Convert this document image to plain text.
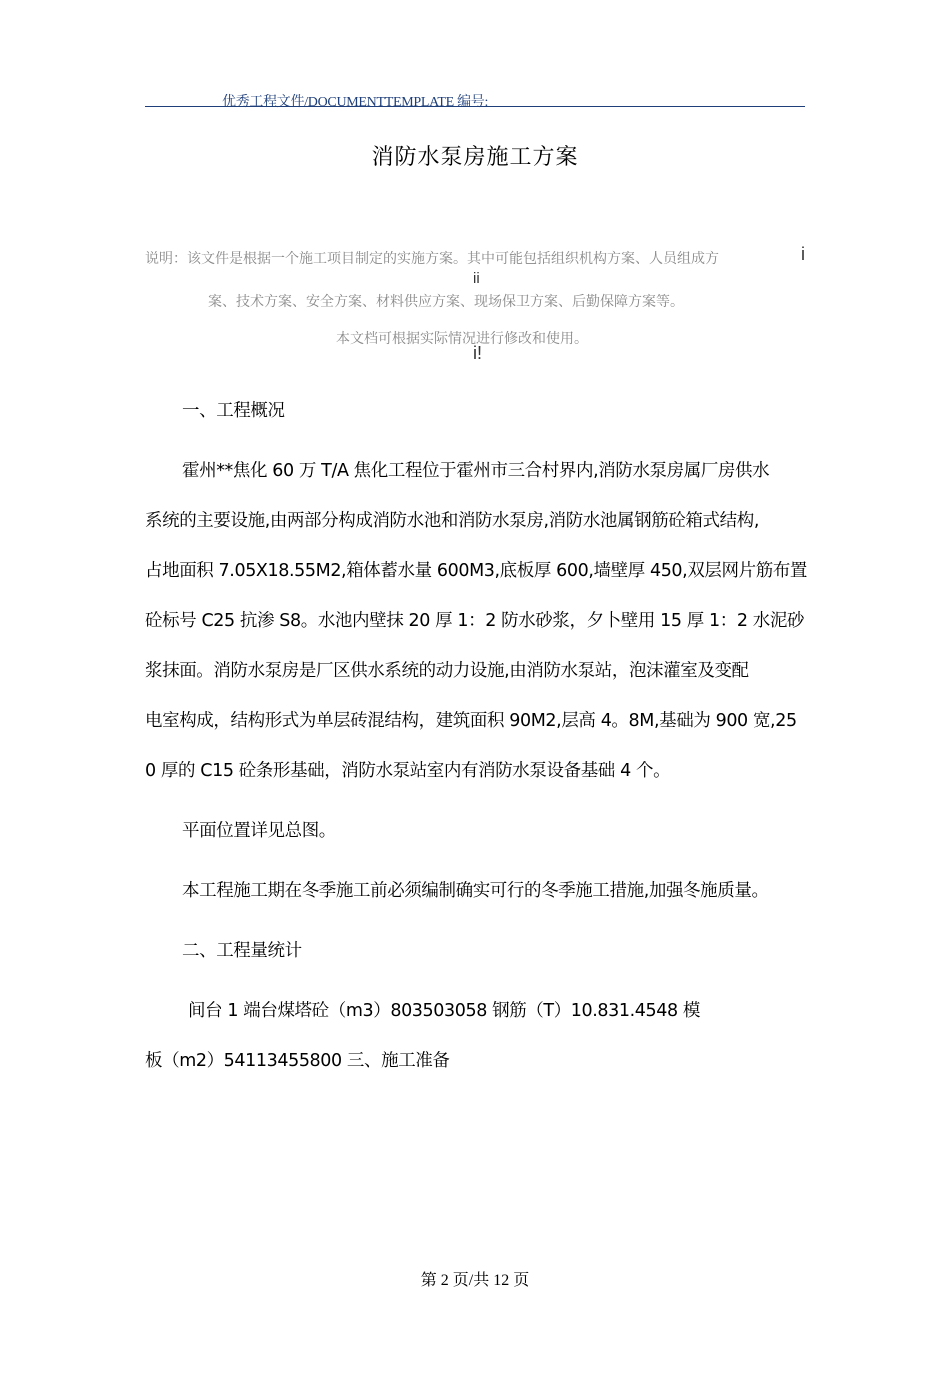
优秀工程文件/DOCUMENTTEMPLATE 编号:
消防水泵房施工方案
说明：该文件是根据一个施工项目制定的实施方案。其中可能包括组织机构方案、人员组成方	i
ii
案、技术方案、安全方案、材料供应方案、现场保卫方案、后勤保障方案等。
本文档可根据实际情况进行修改和使用。
i!
一、工程概况
霍州**焦化 60 万 T/A 焦化工程位于霍州市三合村界内,消防水泵房属厂房供水
系统的主要设施,由两部分构成消防水池和消防水泵房,消防水池属钢筋砼箱式结构,
占地面积 7.05X18.55M2,箱体蓄水量 600M3,底板厚 600,墙壁厚 450,双层网片筋布置
砼标号 C25 抗渗 S8。水池内壁抹 20 厚 1：2 防水砂浆，夕卜壁用 15 厚 1：2 水泥砂
浆抹面。消防水泵房是厂区供水系统的动力设施,由消防水泵站，泡沫灌室及变配
电室构成，结构形式为单层砖混结构，建筑面积 90M2,层高 4。8M,基础为 900 宽,25
0 厚的 C15 砼条形基础，消防水泵站室内有消防水泵设备基础 4 个。
平面位置详见总图。
本工程施工期在冬季施工前必须编制确实可行的冬季施工措施,加强冬施质量。
二、工程量统计
间台 1 端台煤塔砼（m3）803503058 钢筋（T）10.831.4548 模
板（m2）54113455800 三、施工准备
第 2 页/共 12 页
